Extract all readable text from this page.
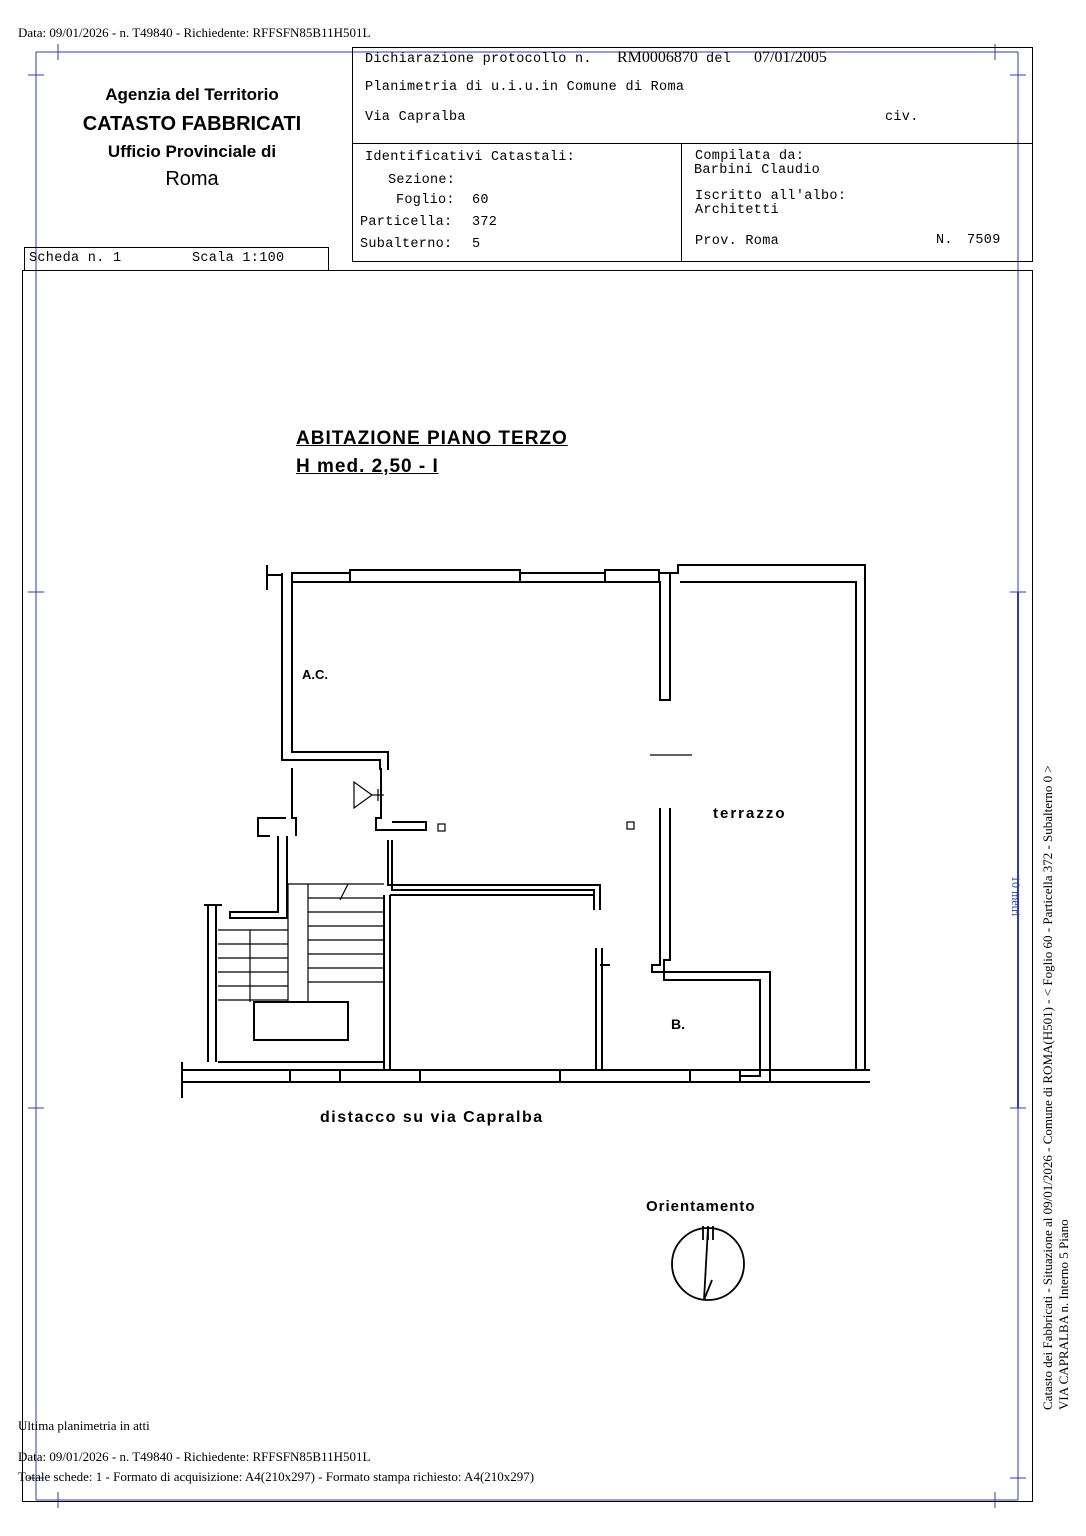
Data: 09/01/2026 - n. T49840 - Richiedente: RFFSFN85B11H501L
Agenzia del Territorio
CATASTO FABBRICATI
Ufficio Provinciale di
Roma
Dichiarazione protocollo n. RM0006870 del 07/01/2005
Planimetria di u.i.u.in Comune di Roma
Via Capralba	civ.
Identificativi Catastali:
Sezione:
Foglio: 60
Particella: 372
Subalterno: 5
Compilata da:
Barbini Claudio
Iscritto all'albo:
Architetti
Prov. Roma	N. 7509
Scheda n. 1	Scala 1:100
ABITAZIONE PIANO TERZO
H med. 2,50 - I
A.C.
terrazzo
B.
distacco su via Capralba
Orientamento
10 metri Catasto dei Fabbricati - Situazione al 09/01/2026 - Comune di ROMA(H501) - < Foglio 60 - Particella 372 - Subalterno 0 > VIA CAPRALBA n. Interno 5 Piano
Ultima planimetria in atti
Data: 09/01/2026 - n. T49840 - Richiedente: RFFSFN85B11H501L
Totale schede: 1 - Formato di acquisizione: A4(210x297) - Formato stampa richiesto: A4(210x297)
